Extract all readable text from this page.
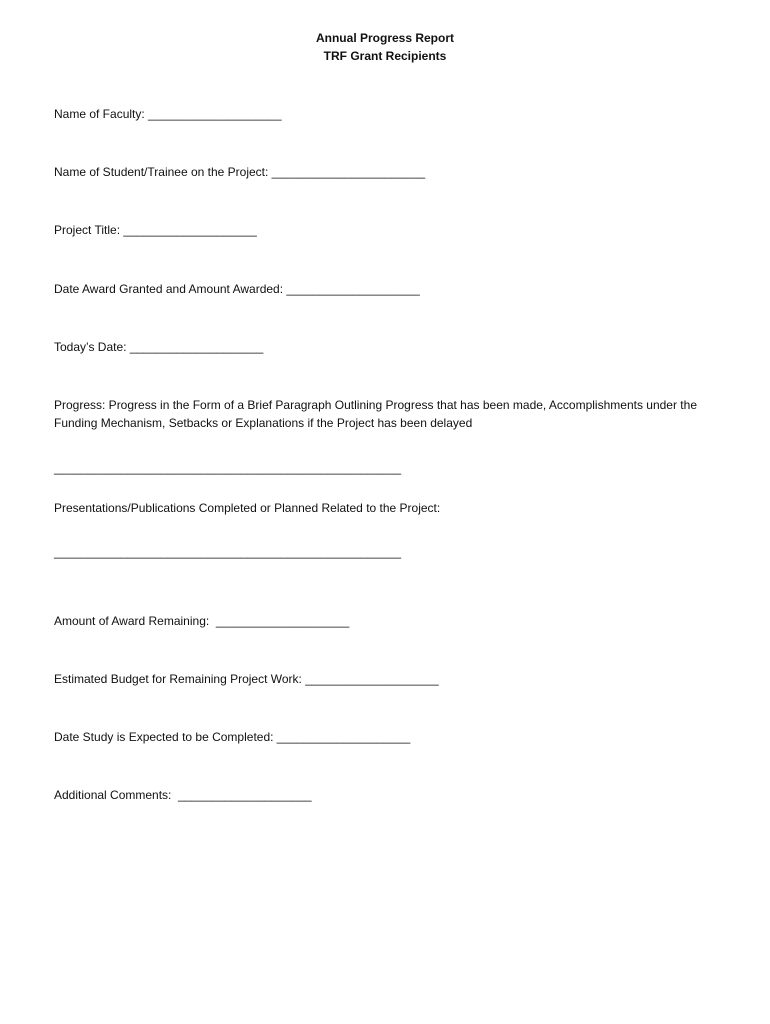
Annual Progress Report
TRF Grant Recipients
Name of Faculty: ____________________
Name of Student/Trainee on the Project: _______________________
Project Title: ____________________
Date Award Granted and Amount Awarded: ____________________
Today’s Date: ____________________
Progress: Progress in the Form of a Brief Paragraph Outlining Progress that has been made, Accomplishments under the Funding Mechanism, Setbacks or Explanations if the Project has been delayed
____________________________________________________
Presentations/Publications Completed or Planned Related to the Project:
____________________________________________________
Amount of Award Remaining:  ____________________
Estimated Budget for Remaining Project Work: ____________________
Date Study is Expected to be Completed: ____________________
Additional Comments:  ____________________
